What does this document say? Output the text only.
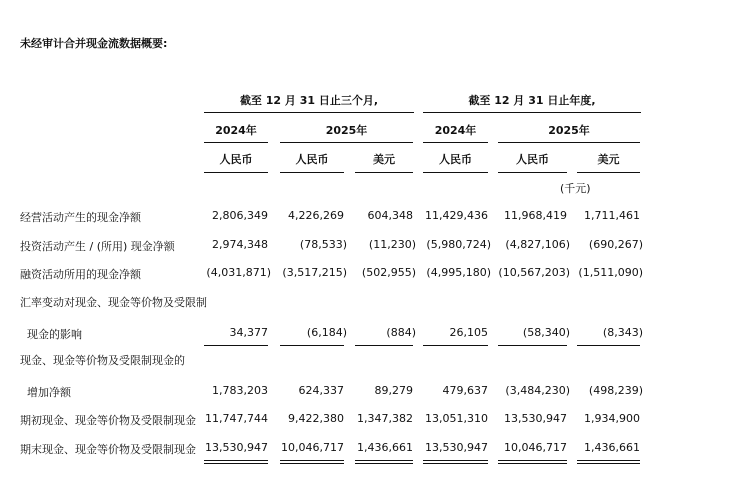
未经审计合并现金流数据概要:
截至 12 月 31 日止三个月,	截至 12 月 31 日止年度,
(千元)
2024年	2025年	2024年	2025年
人民币	人民币	美元	人民币	人民币	美元
经营活动产生的现金净额	2,806,349	4,226,269	604,348	11,429,436	11,968,419	1,711,461
投资活动产生 / (所用) 现金净额	2,974,348	(78,533)	(11,230) (5,980,724)	(4,827,106)	(690,267)
融资活动所用的现金净额	(4,031,871)	(3,517,215)	(502,955) (4,995,180) (10,567,203) (1,511,090)
汇率变动对现金、现金等价物及受限制
现金的影响	34,377	(6,184)	(884)	26,105	(58,340)	(8,343)
现金、现金等价物及受限制现金的
增加净额	1,783,203	624,337	89,279	479,637	(3,484,230)	(498,239)
期初现金、现金等价物及受限制现金 11,747,744	9,422,380	1,347,382	13,051,310	13,530,947	1,934,900
期末现金、现金等价物及受限制现金 13,530,947	10,046,717	1,436,661	13,530,947	10,046,717	1,436,661
